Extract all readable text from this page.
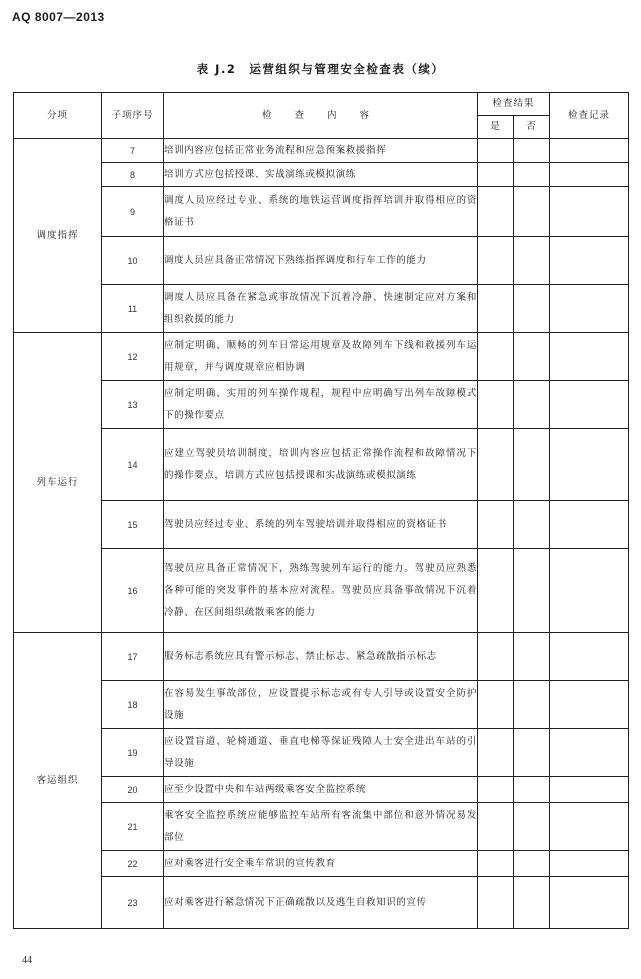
AQ 8007—2013
表 J.2　运营组织与管理安全检查表（续）
分项	子项序号	检 查 内 容	检查结果		检查记录
			是	否	
调度指挥	7	培训内容应包括正常业务流程和应急预案救援指挥			
	8	培训方式应包括授课、实战演练或模拟演练			
	9	调度人员应经过专业、系统的地铁运营调度指挥培训并取得相应的资格证书			
	10	调度人员应具备正常情况下熟练指挥调度和行车工作的能力			
	11	调度人员应具备在紧急或事故情况下沉着冷静、快速制定应对方案和组织救援的能力			
列车运行	12	应制定明确、顺畅的列车日常运用规章及故障列车下线和救援列车运用规章，并与调度规章应相协调			
	13	应制定明确、实用的列车操作规程，规程中应明确写出列车故障模式下的操作要点			
	14	应建立驾驶员培训制度，培训内容应包括正常操作流程和故障情况下的操作要点，培训方式应包括授课和实战演练或模拟演练			
	15	驾驶员应经过专业、系统的列车驾驶培训并取得相应的资格证书			
	16	驾驶员应具备正常情况下，熟练驾驶列车运行的能力。驾驶员应熟悉各种可能的突发事件的基本应对流程。驾驶员应具备事故情况下沉着冷静、在区间组织疏散乘客的能力			
客运组织	17	服务标志系统应具有警示标志、禁止标志、紧急疏散指示标志			
	18	在容易发生事故部位，应设置提示标志或有专人引导或设置安全防护设施			
	19	应设置盲道、轮椅通道、垂直电梯等保证残障人士安全进出车站的引导设施			
	20	应至少设置中央和车站两级乘客安全监控系统			
	21	乘客安全监控系统应能够监控车站所有客流集中部位和意外情况易发部位			
	22	应对乘客进行安全乘车常识的宣传教育			
	23	应对乘客进行紧急情况下正确疏散以及逃生自救知识的宣传			
44
